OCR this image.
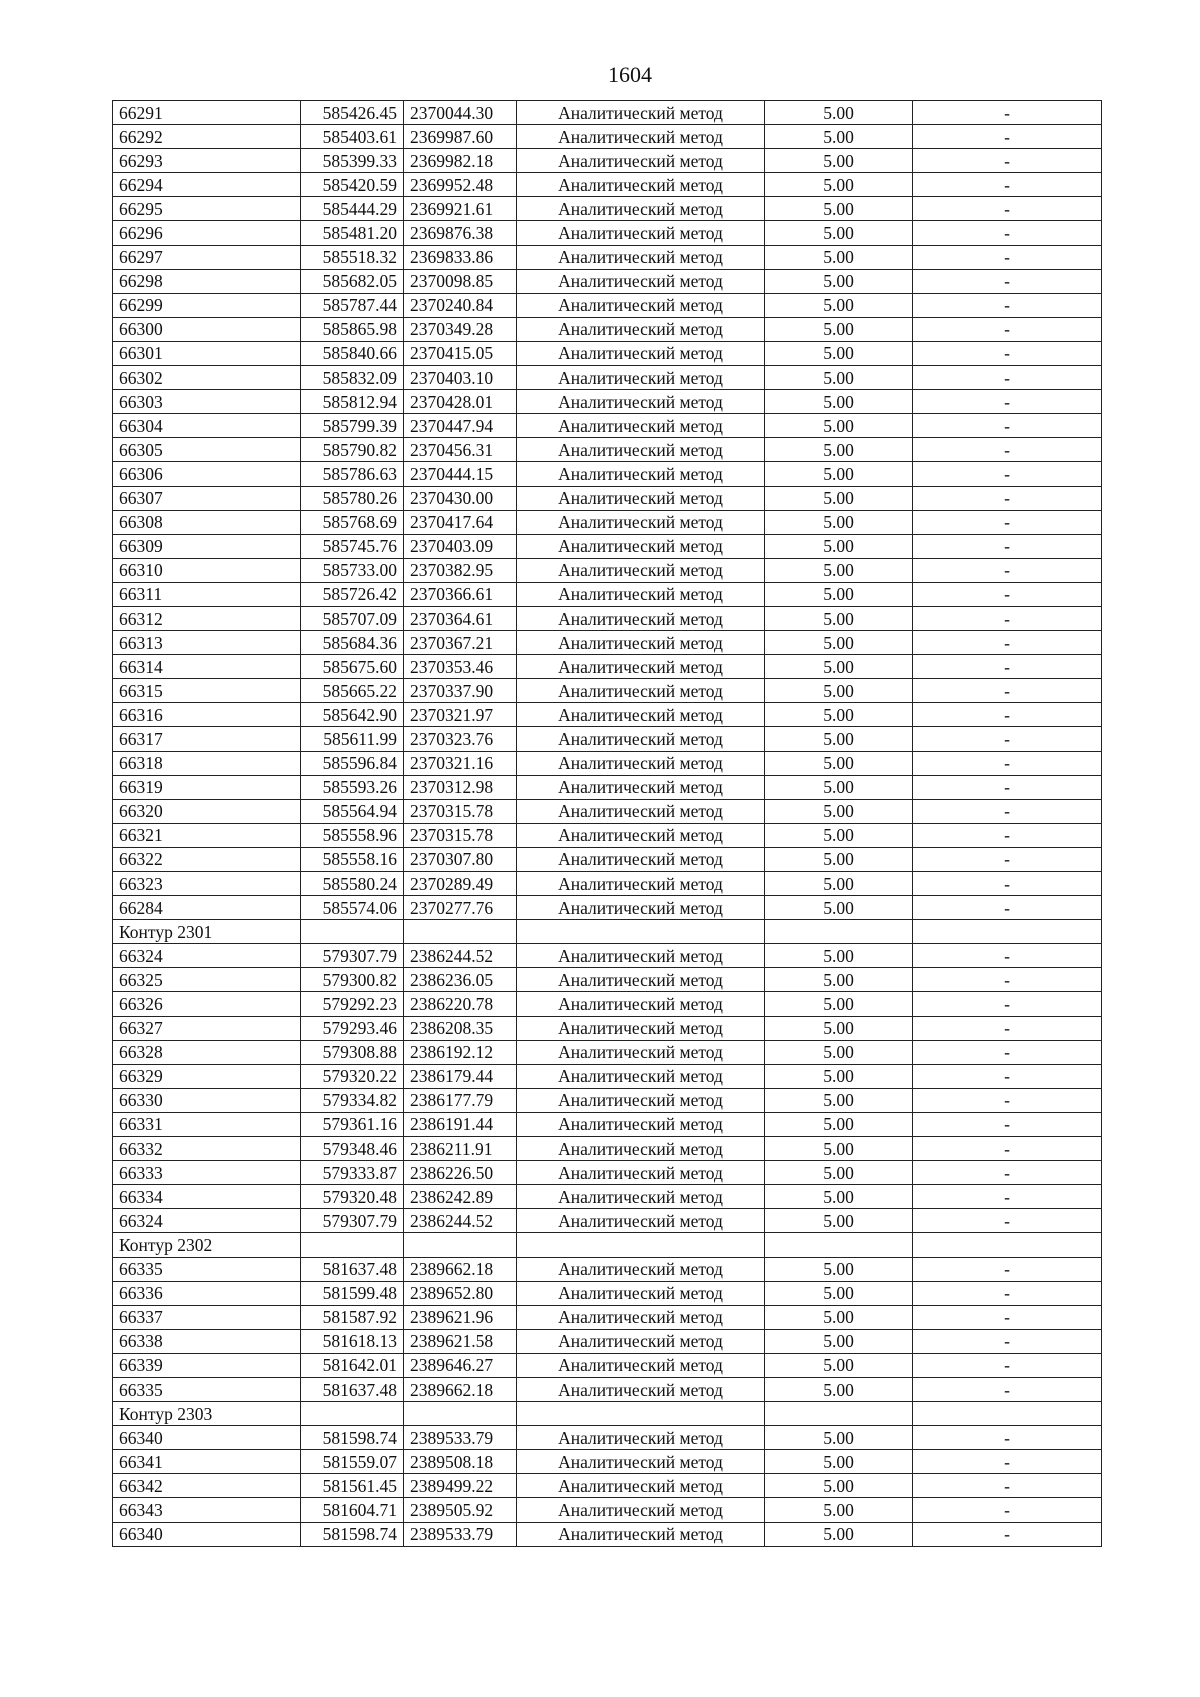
1604
66291	585426.45	2370044.30	Аналитический метод	5.00	-
66292	585403.61	2369987.60	Аналитический метод	5.00	-
66293	585399.33	2369982.18	Аналитический метод	5.00	-
66294	585420.59	2369952.48	Аналитический метод	5.00	-
66295	585444.29	2369921.61	Аналитический метод	5.00	-
66296	585481.20	2369876.38	Аналитический метод	5.00	-
66297	585518.32	2369833.86	Аналитический метод	5.00	-
66298	585682.05	2370098.85	Аналитический метод	5.00	-
66299	585787.44	2370240.84	Аналитический метод	5.00	-
66300	585865.98	2370349.28	Аналитический метод	5.00	-
66301	585840.66	2370415.05	Аналитический метод	5.00	-
66302	585832.09	2370403.10	Аналитический метод	5.00	-
66303	585812.94	2370428.01	Аналитический метод	5.00	-
66304	585799.39	2370447.94	Аналитический метод	5.00	-
66305	585790.82	2370456.31	Аналитический метод	5.00	-
66306	585786.63	2370444.15	Аналитический метод	5.00	-
66307	585780.26	2370430.00	Аналитический метод	5.00	-
66308	585768.69	2370417.64	Аналитический метод	5.00	-
66309	585745.76	2370403.09	Аналитический метод	5.00	-
66310	585733.00	2370382.95	Аналитический метод	5.00	-
66311	585726.42	2370366.61	Аналитический метод	5.00	-
66312	585707.09	2370364.61	Аналитический метод	5.00	-
66313	585684.36	2370367.21	Аналитический метод	5.00	-
66314	585675.60	2370353.46	Аналитический метод	5.00	-
66315	585665.22	2370337.90	Аналитический метод	5.00	-
66316	585642.90	2370321.97	Аналитический метод	5.00	-
66317	585611.99	2370323.76	Аналитический метод	5.00	-
66318	585596.84	2370321.16	Аналитический метод	5.00	-
66319	585593.26	2370312.98	Аналитический метод	5.00	-
66320	585564.94	2370315.78	Аналитический метод	5.00	-
66321	585558.96	2370315.78	Аналитический метод	5.00	-
66322	585558.16	2370307.80	Аналитический метод	5.00	-
66323	585580.24	2370289.49	Аналитический метод	5.00	-
66284	585574.06	2370277.76	Аналитический метод	5.00	-
Контур 2301					
66324	579307.79	2386244.52	Аналитический метод	5.00	-
66325	579300.82	2386236.05	Аналитический метод	5.00	-
66326	579292.23	2386220.78	Аналитический метод	5.00	-
66327	579293.46	2386208.35	Аналитический метод	5.00	-
66328	579308.88	2386192.12	Аналитический метод	5.00	-
66329	579320.22	2386179.44	Аналитический метод	5.00	-
66330	579334.82	2386177.79	Аналитический метод	5.00	-
66331	579361.16	2386191.44	Аналитический метод	5.00	-
66332	579348.46	2386211.91	Аналитический метод	5.00	-
66333	579333.87	2386226.50	Аналитический метод	5.00	-
66334	579320.48	2386242.89	Аналитический метод	5.00	-
66324	579307.79	2386244.52	Аналитический метод	5.00	-
Контур 2302					
66335	581637.48	2389662.18	Аналитический метод	5.00	-
66336	581599.48	2389652.80	Аналитический метод	5.00	-
66337	581587.92	2389621.96	Аналитический метод	5.00	-
66338	581618.13	2389621.58	Аналитический метод	5.00	-
66339	581642.01	2389646.27	Аналитический метод	5.00	-
66335	581637.48	2389662.18	Аналитический метод	5.00	-
Контур 2303					
66340	581598.74	2389533.79	Аналитический метод	5.00	-
66341	581559.07	2389508.18	Аналитический метод	5.00	-
66342	581561.45	2389499.22	Аналитический метод	5.00	-
66343	581604.71	2389505.92	Аналитический метод	5.00	-
66340	581598.74	2389533.79	Аналитический метод	5.00	-
